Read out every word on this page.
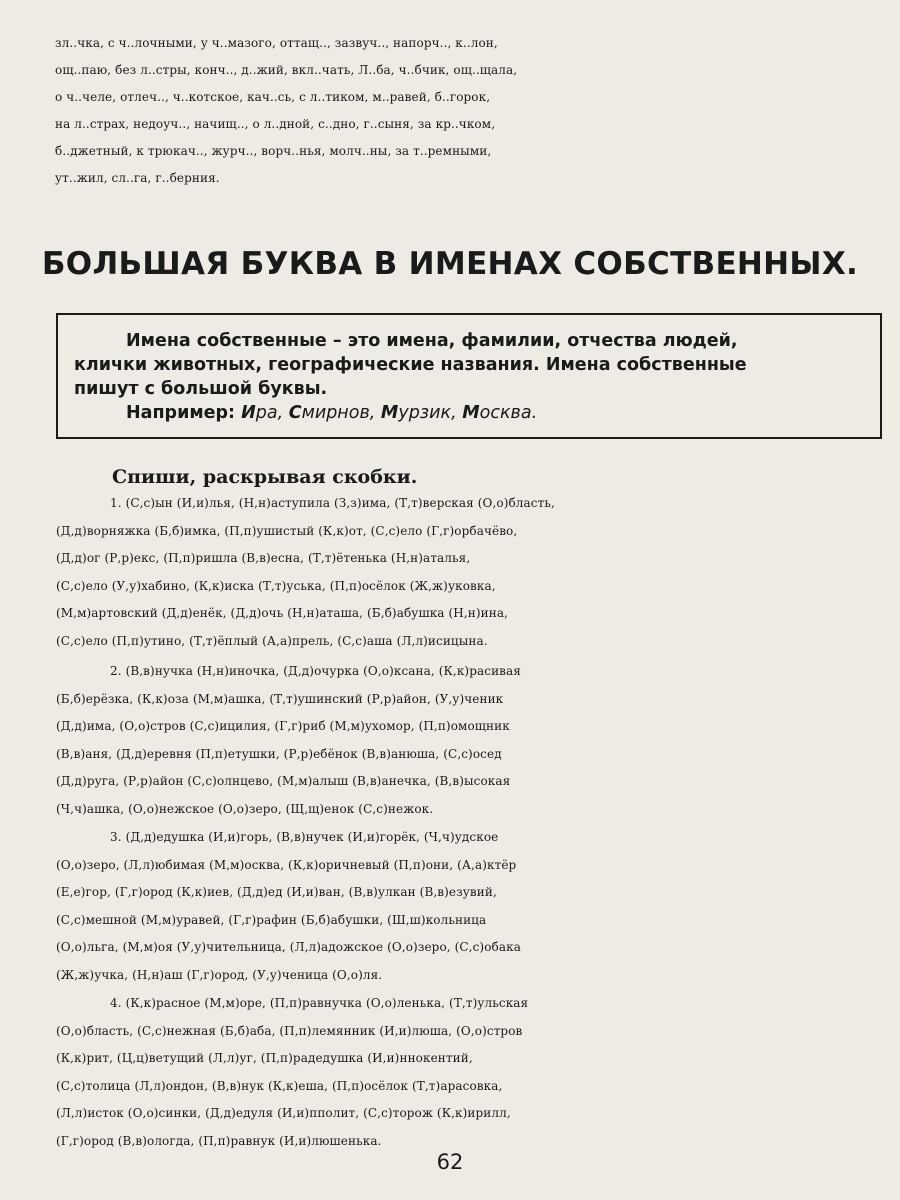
зл..чка, с ч..лочными, у ч..мазого, оттащ.., зазвуч.., напорч.., к..лон,
ощ..паю, без л..стры, конч.., д..жий, вкл..чать, Л..ба, ч..бчик, ощ..щала,
о ч..челе, отлеч.., ч..котское, кач..сь, с л..тиком, м..равей, б..горок,
на л..страх, недоуч.., начищ.., о л..дной, с..дно, г..сыня, за кр..чком,
б..джетный, к трюкач.., журч.., ворч..нья, молч..ны, за т..ремными,
ут..жил, сл..га, г..берния.
БОЛЬШАЯ БУКВА В ИМЕНАХ СОБСТВЕННЫХ.
Имена собственные – это имена, фамилии, отчества людей,
клички животных, географические названия. Имена собственные
пишут с большой буквы.
Например: Ира, Смирнов, Мурзик, Москва.
Спиши, раскрывая скобки.
1. (С,с)ын (И,и)лья, (Н,н)аступила (З,з)има, (Т,т)верская (О,о)бласть,
(Д,д)ворняжка (Б,б)имка, (П,п)ушистый (К,к)от, (С,с)ело (Г,г)орбачёво,
(Д,д)ог (Р,р)екс, (П,п)ришла (В,в)есна, (Т,т)ётенька (Н,н)аталья,
(С,с)ело (У,у)хабино, (К,к)иска (Т,т)уська, (П,п)осёлок (Ж,ж)уковка,
(М,м)артовский (Д,д)енёк, (Д,д)очь (Н,н)аташа, (Б,б)абушка (Н,н)ина,
(С,с)ело (П,п)утино, (Т,т)ёплый (А,а)прель, (С,с)аша (Л,л)исицына.
2. (В,в)нучка (Н,н)иночка, (Д,д)очурка (О,о)ксана, (К,к)расивая
(Б,б)ерёзка, (К,к)оза (М,м)ашка, (Т,т)ушинский (Р,р)айон, (У,у)ченик
(Д,д)има, (О,о)стров (С,с)ицилия, (Г,г)риб (М,м)ухомор, (П,п)омощник
(В,в)аня, (Д,д)еревня (П,п)етушки, (Р,р)ебёнок (В,в)анюша, (С,с)осед
(Д,д)руга, (Р,р)айон (С,с)олнцево, (М,м)алыш (В,в)анечка, (В,в)ысокая
(Ч,ч)ашка, (О,о)нежское (О,о)зеро, (Щ,щ)енок (С,с)нежок.
3. (Д,д)едушка (И,и)горь, (В,в)нучек (И,и)горёк, (Ч,ч)удское
(О,о)зеро, (Л,л)юбимая (М,м)осква, (К,к)оричневый (П,п)они, (А,а)ктёр
(Е,е)гор, (Г,г)ород (К,к)иев, (Д,д)ед (И,и)ван, (В,в)улкан (В,в)езувий,
(С,с)мешной (М,м)уравей, (Г,г)рафин (Б,б)абушки, (Ш,ш)кольница
(О,о)льга, (М,м)оя (У,у)чительница, (Л,л)адожское (О,о)зеро, (С,с)обака
(Ж,ж)учка, (Н,н)аш (Г,г)ород, (У,у)ченица (О,о)ля.
4. (К,к)расное (М,м)оре, (П,п)равнучка (О,о)ленька, (Т,т)ульская
(О,о)бласть, (С,с)нежная (Б,б)аба, (П,п)лемянник (И,и)люша, (О,о)стров
(К,к)рит, (Ц,ц)ветущий (Л,л)уг, (П,п)радедушка (И,и)ннокентий,
(С,с)толица (Л,л)ондон, (В,в)нук (К,к)еша, (П,п)осёлок (Т,т)арасовка,
(Л,л)исток (О,о)синки, (Д,д)едуля (И,и)пполит, (С,с)торож (К,к)ирилл,
(Г,г)ород (В,в)ологда, (П,п)равнук (И,и)люшенька.
62
